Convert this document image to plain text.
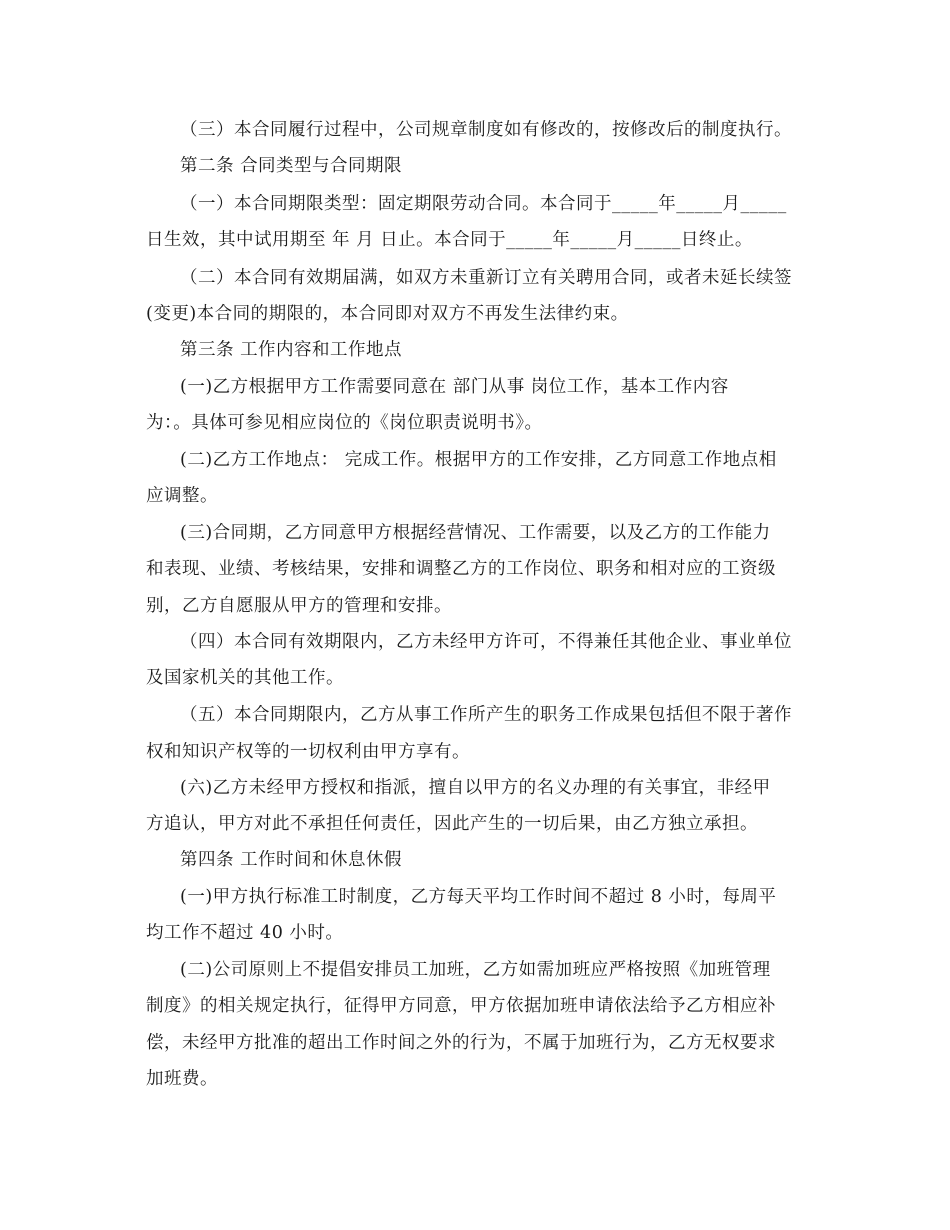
（三）本合同履行过程中，公司规章制度如有修改的，按修改后的制度执行。
第二条 合同类型与合同期限
（一）本合同期限类型：固定期限劳动合同。本合同于_____年_____月_____
日生效，其中试用期至 年 月 日止。本合同于_____年_____月_____日终止。
（二）本合同有效期届满，如双方未重新订立有关聘用合同，或者未延长续签
(变更)本合同的期限的，本合同即对双方不再发生法律约束。
第三条 工作内容和工作地点
(一)乙方根据甲方工作需要同意在 部门从事 岗位工作，基本工作内容
为：。具体可参见相应岗位的《岗位职责说明书》。
(二)乙方工作地点： 完成工作。根据甲方的工作安排，乙方同意工作地点相
应调整。
(三)合同期，乙方同意甲方根据经营情况、工作需要，以及乙方的工作能力
和表现、业绩、考核结果，安排和调整乙方的工作岗位、职务和相对应的工资级
别，乙方自愿服从甲方的管理和安排。
（四）本合同有效期限内，乙方未经甲方许可，不得兼任其他企业、事业单位
及国家机关的其他工作。
（五）本合同期限内，乙方从事工作所产生的职务工作成果包括但不限于著作
权和知识产权等的一切权利由甲方享有。
(六)乙方未经甲方授权和指派，擅自以甲方的名义办理的有关事宜，非经甲
方追认，甲方对此不承担任何责任，因此产生的一切后果，由乙方独立承担。
第四条 工作时间和休息休假
(一)甲方执行标准工时制度，乙方每天平均工作时间不超过 8 小时，每周平
均工作不超过 40 小时。
(二)公司原则上不提倡安排员工加班，乙方如需加班应严格按照《加班管理
制度》的相关规定执行，征得甲方同意，甲方依据加班申请依法给予乙方相应补
偿，未经甲方批准的超出工作时间之外的行为，不属于加班行为，乙方无权要求
加班费。
